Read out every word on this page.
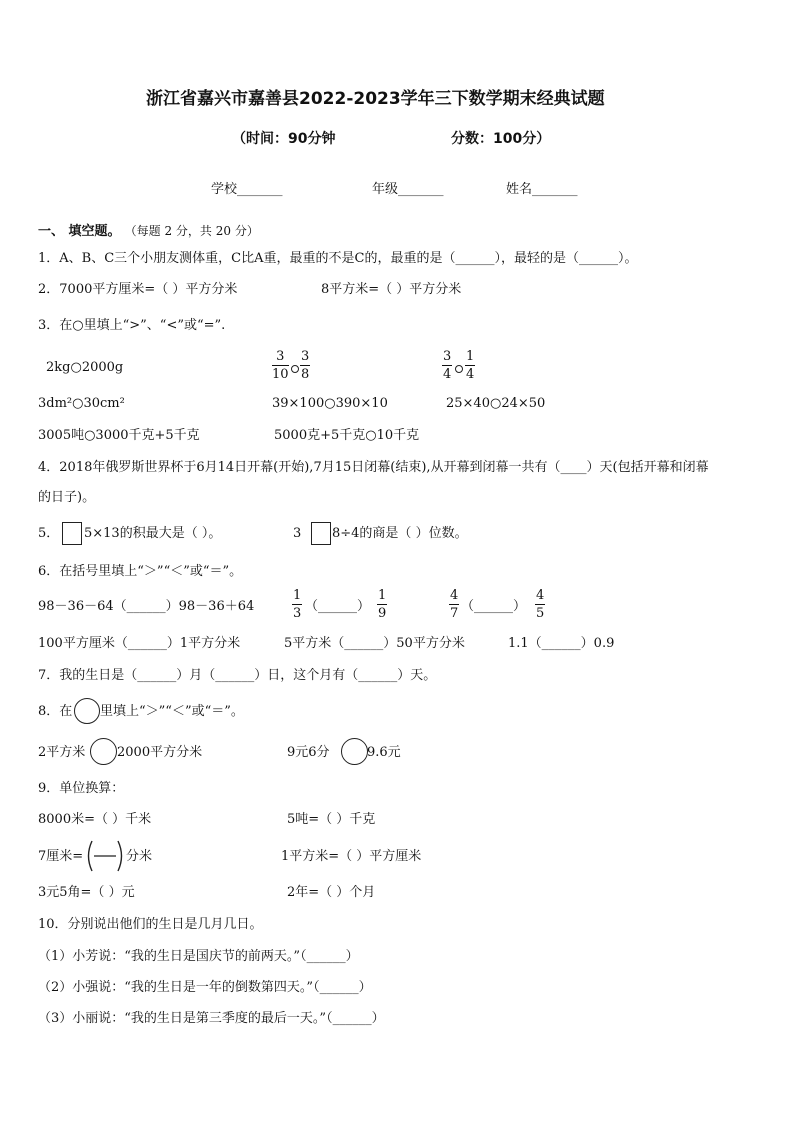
浙江省嘉兴市嘉善县2022-2023学年三下数学期末经典试题
（时间：90分钟	分数：100分）
学校_______	年级_______	姓名_______
一、 填空题。 （每题 2 分，共 20 分）
1．A、B、C三个小朋友测体重，C比A重，最重的不是C的，最重的是（______），最轻的是（______）。
2．7000平方厘米=（ ）平方分米	8平方米=（ ）平方分米
3．在○里填上“>”、“<”或“=”.
2kg○2000g	$\frac{3}{10} \frac{3}{8}$	$\frac{3}{4} \frac{1}{4}$
3dm²○30cm²	39×100○390×10	25×40○24×50
3005吨○3000千克+5千克	5000克+5千克○10千克
4．2018年俄罗斯世界杯于6月14日开幕(开始),7月15日闭幕(结束),从开幕到闭幕一共有（____）天(包括开幕和闭幕
的日子)。
5． 5×13的积最大是（ ）。	3 8÷4的商是（ ）位数。
6．在括号里填上“＞”“＜”或“＝”。
98－36－64（______）98－36＋64	$\frac{1}{3}$ （______） $\frac{1}{9}$	$\frac{4}{7}$ （______） $\frac{4}{5}$
100平方厘米（______）1平方分米	5平方米（______）50平方分米	1.1（______）0.9
7．我的生日是（______）月（______）日，这个月有（______）天。
8．在 里填上“＞”“＜”或“＝”。
2平方米 2000平方分米	9元6分	9.6元
9．单位换算：
8000米=（ ）千米	5吨=（ ）千克
7厘米=	分米	1平方米=（ ）平方厘米
3元5角=（ ）元	2年=（ ）个月
10．分别说出他们的生日是几月几日。
（1）小芳说：“我的生日是国庆节的前两天。”（______）
（2）小强说：“我的生日是一年的倒数第四天。”（______）
（3）小丽说：“我的生日是第三季度的最后一天。”（______）
